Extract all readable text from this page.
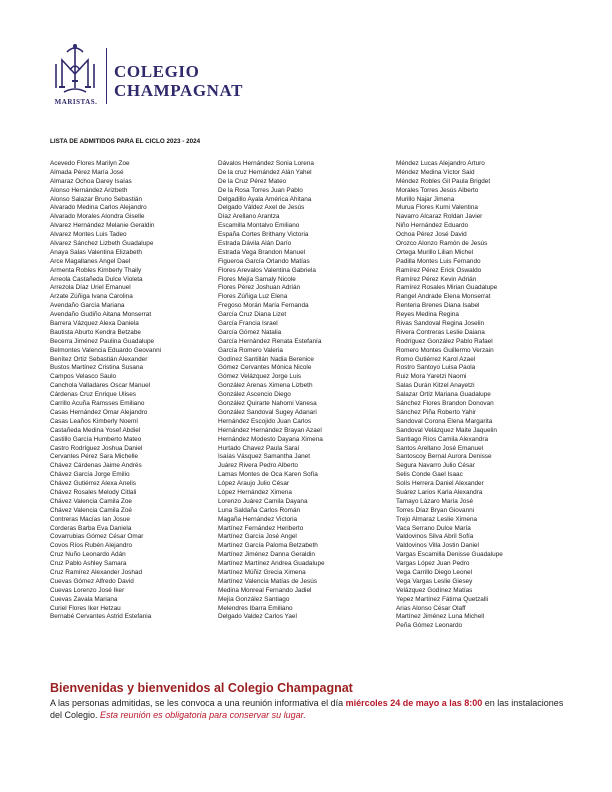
MARISTAS.
COLEGIO
CHAMPAGNAT
LISTA DE ADMITIDOS PARA EL CICLO 2023 - 2024
Acevedo Flores Marilyn Zoe
Almada Pérez María José
Almaraz Ochoa Darey Isaías
Alonso Hernández Arizbeth
Alonso Salazar Bruno Sebastián
Alvarado Medina Carlos Alejandro
Alvarado Morales Alondra Giselle
Alvarez Hernández Melanie Geraldin
Alvarez Montes Luis Tadeo
Alvarez Sánchez Lizbeth Guadalupe
Anaya Salas Valentina Elizabeth
Arce Magallanes Angel Dael
Armenta Robles Kimberly Thaily
Arreola Castañeda Dulce Violeta
Arrezola Díaz Uriel Emanuel
Arzate Zúñiga Ivana Carolina
Avendaño García Mariana
Avendaño Gudiño Aitana Monserrat
Barrera Vázquez Alexa Daniela
Bautista Aburto Kendra Betzabe
Becerra Jiménez Paulina Guadalupe
Belmontes Valencia Eduardo Geovanni
Benítez Ortiz Sebastián Alexander
Bustos Martínez Cristina Susana
Campos Velasco Saulo
Canchola Valladares Oscar Manuel
Cárdenas Cruz Enrique Ulises
Carrillo Acuña Ramsses Emiliano
Casas Hernández Omar Alejandro
Casas Leaños Kimberly Noemí
Castañeda Medina Yosef Abdiel
Castillo García Humberto Mateo
Castro Rodríguez Joshua Daniel
Cervantes Pérez Sara Michelle
Chávez Cárdenas Jaime Andrés
Chávez García Jorge Emilio
Chávez Gutiérrez Alexa Anelis
Chávez Rosales Melody Citlali
Chávez Valencia Camila Zoe
Chávez Valencia Camila Zoé
Contreras Macías Ian Josue
Corderas Barba Eva Daniela
Covarrubias Gómez César Omar
Covos Ríos Rubén Alejandro
Cruz Nuño Leonardo Adán
Cruz Pablo Ashley Samara
Cruz Ramírez Alexander Joshad
Cuevas Gómez Alfredo David
Cuevas Lorenzo José Iker
Cuevas Zavala Mariana
Curiel Flores Iker Hetzau
Bernabé Cervantes Astrid Estefania
Dávalos Hernández Sonia Lorena
De la cruz Hernández Alán Yahel
De la Cruz Pérez Mateo
De la Rosa Torres Juan Pablo
Delgadillo Ayala América Ahitana
Delgado Váldez Axel de Jesús
Díaz Arellano Arantza
Escamilla Montalvo Emiliano
España Cortes Brithany Victoria
Estrada Dávila Alán Darío
Estrada Vega Brandon Manuel
Figueroa García Orlando Matías
Flores Arevalos Valentina Gabriela
Flores Mejía Samaly Nicole
Flores Pérez Joshuan Adrián
Flores Zúñiga Luz Elena
Fregoso Morán María Fernanda
García Cruz Diana Lizet
García Francia Israel
García Gómez Natalia
García Hernández Renata Estefanía
García Romero Valeria
Godínez Santillán Nadia Berenice
Gómez Cervantes Mónica Nicole
Gómez Velázquez Jorge Luis
González Arenas Ximena Lizbeth
González Ascencio Diego
González Quirarte Nahomi Vanesa
González Sandoval Sugey Adanari
Hernández Escojido Juan Carlos
Hernández Hernández Brayan Azael
Hernández Modesto Dayana Ximena
Hurtado Chavez Paula Saraí
Isaías Vásquez Samantha Janet
Juárez Rivera Pedro Alberto
Lamas Montes de Oca Karen Sofía
López Araujo Julio César
López Hernández Ximena
Lorenzo Juárez Camila Dayana
Luna Saldaña Carlos Román
Magaña Hernández Victoria
Martínez Fernández Heriberto
Martínez García José Angel
Martínez García Paloma Betzabeth
Martínez Jiménez Danna Geraldin
Martínez Martínez Andrea Guadalupe
Martínez Múñiz Grecia Ximena
Martínez Valencia Matías de Jesús
Medina Monreal Fernando Jadiel
Mejía González Santiago
Melendres Ibarra Emiliano
Delgado Valdez Carlos Yael
Méndez Lucas Alejandro Arturo
Méndez Medina Víctor Said
Méndez Robles Gil Paula Brigdet
Morales Torres Jesús Alberto
Murillo Najar Jimena
Murua Flores Kumi Valentina
Navarro Alcaraz Roldan Javier
Niño Hernández Eduardo
Ochoa Pérez José David
Orozco Alonzo Ramón de Jesús
Ortega Murillo Lilian Michel
Padilla Montes Luis Fernando
Ramírez Pérez Erick Oswaldo
Ramírez Pérez Kevin Adrián
Ramírez Rosales Mirian Guadalupe
Rangel Andrade Elena Monserrat
Renteria Brenes Diana Isabel
Reyes Medina Regina
Rivas Sandoval Regina Joselin
Rivera Contreras Leslie Daiana
Rodríguez González Pablo Rafael
Romero Montes Guillermo Verzain
Romo Gutiérrez Karol Azael
Rostro Santoyo Luisa Paola
Ruiz Mora Yaretzi Naomi
Salas Durán Kitzel Anayetzi
Salazar Ortiz Mariana Guadalupe
Sánchez Flores Brandon Donovan
Sánchez Piña Roberto Yahir
Sandoval Corona Elena Margarita
Sandoval Velázquez Maite Jaquelin
Santiago Ríos Camila Alexandra
Santos Arellano José Emanuel
Santoscoy Bernal Aurora Denisse
Segura Navarro Julio César
Selis Conde Gael Isaac
Solís Herrera Daniel Alexander
Suárez Larios Karla Alexandra
Tamayo Lázaro María José
Torres Díaz Bryan Giovanni
Trejo Almaraz Leslie Ximena
Vaca Serrano Dulce María
Valdovinos Silva Abril Sofía
Valdovinos Villa Jostin Daniel
Vargas Escamilla Denisse Guadalupe
Vargas López Juan Pedro
Vega Carrillo Diego Leonel
Vega Vargas Leslie Giesey
Velázquez Godínez Matías
Yepez Martínez Fátima Quetzalli
Arias Alonso César Olaff
Martínez Jiménez Luna Michell
Peña Gómez Leonardo
Bienvenidas y bienvenidos al Colegio Champagnat
A las personas admitidas, se les convoca a una reunión informativa el día miércoles 24 de mayo a las 8:00 en las instalaciones del Colegio. Esta reunión es obligatoria para conservar su lugar.
